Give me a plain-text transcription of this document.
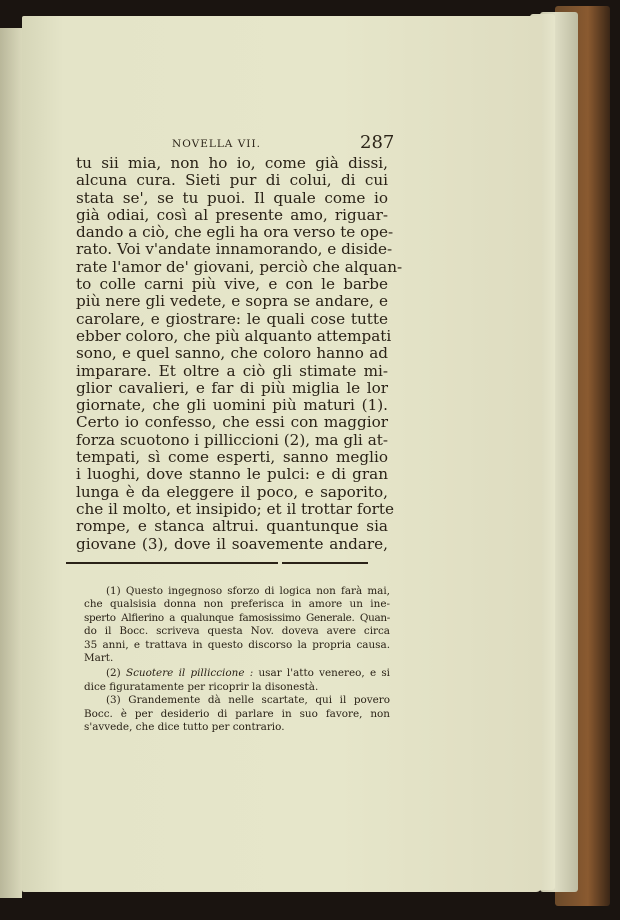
NOVELLA VII.	287
tu sii mia, non ho io, come già dissi,
alcuna cura. Sieti pur di colui, di cui
stata se', se tu puoi. Il quale come io
già odiai, così al presente amo, riguar-
dando a ciò, che egli ha ora verso te ope-
rato. Voi v'andate innamorando, e diside-
rate l'amor de' giovani, perciò che alquan-
to colle carni più vive, e con le barbe
più nere gli vedete, e sopra se andare, e
carolare, e giostrare: le quali cose tutte
ebber coloro, che più alquanto attempati
sono, e quel sanno, che coloro hanno ad
imparare. Et oltre a ciò gli stimate mi-
glior cavalieri, e far di più miglia le lor
giornate, che gli uomini più maturi (1).
Certo io confesso, che essi con maggior
forza scuotono i pilliccioni (2), ma gli at-
tempati, sì come esperti, sanno meglio
i luoghi, dove stanno le pulci: e di gran
lunga è da eleggere il poco, e saporito,
che il molto, et insipido; et il trottar forte
rompe, e stanca altrui. quantunque sia
giovane (3), dove il soavemente andare,
(1) Questo ingegnoso sforzo di logica non farà mai,
che qualsisia donna non preferisca in amore un ine-
sperto Alfierino a qualunque famosissimo Generale. Quan-
do il Bocc. scriveva questa Nov. doveva avere circa
35 anni, e trattava in questo discorso la propria causa.
Mart.
(2) Scuotere il pilliccione : usar l'atto venereo, e si
dice figuratamente per ricoprir la disonestà.
(3) Grandemente dà nelle scartate, qui il povero
Bocc. è per desiderio di parlare in suo favore, non
s'avvede, che dice tutto per contrario.
